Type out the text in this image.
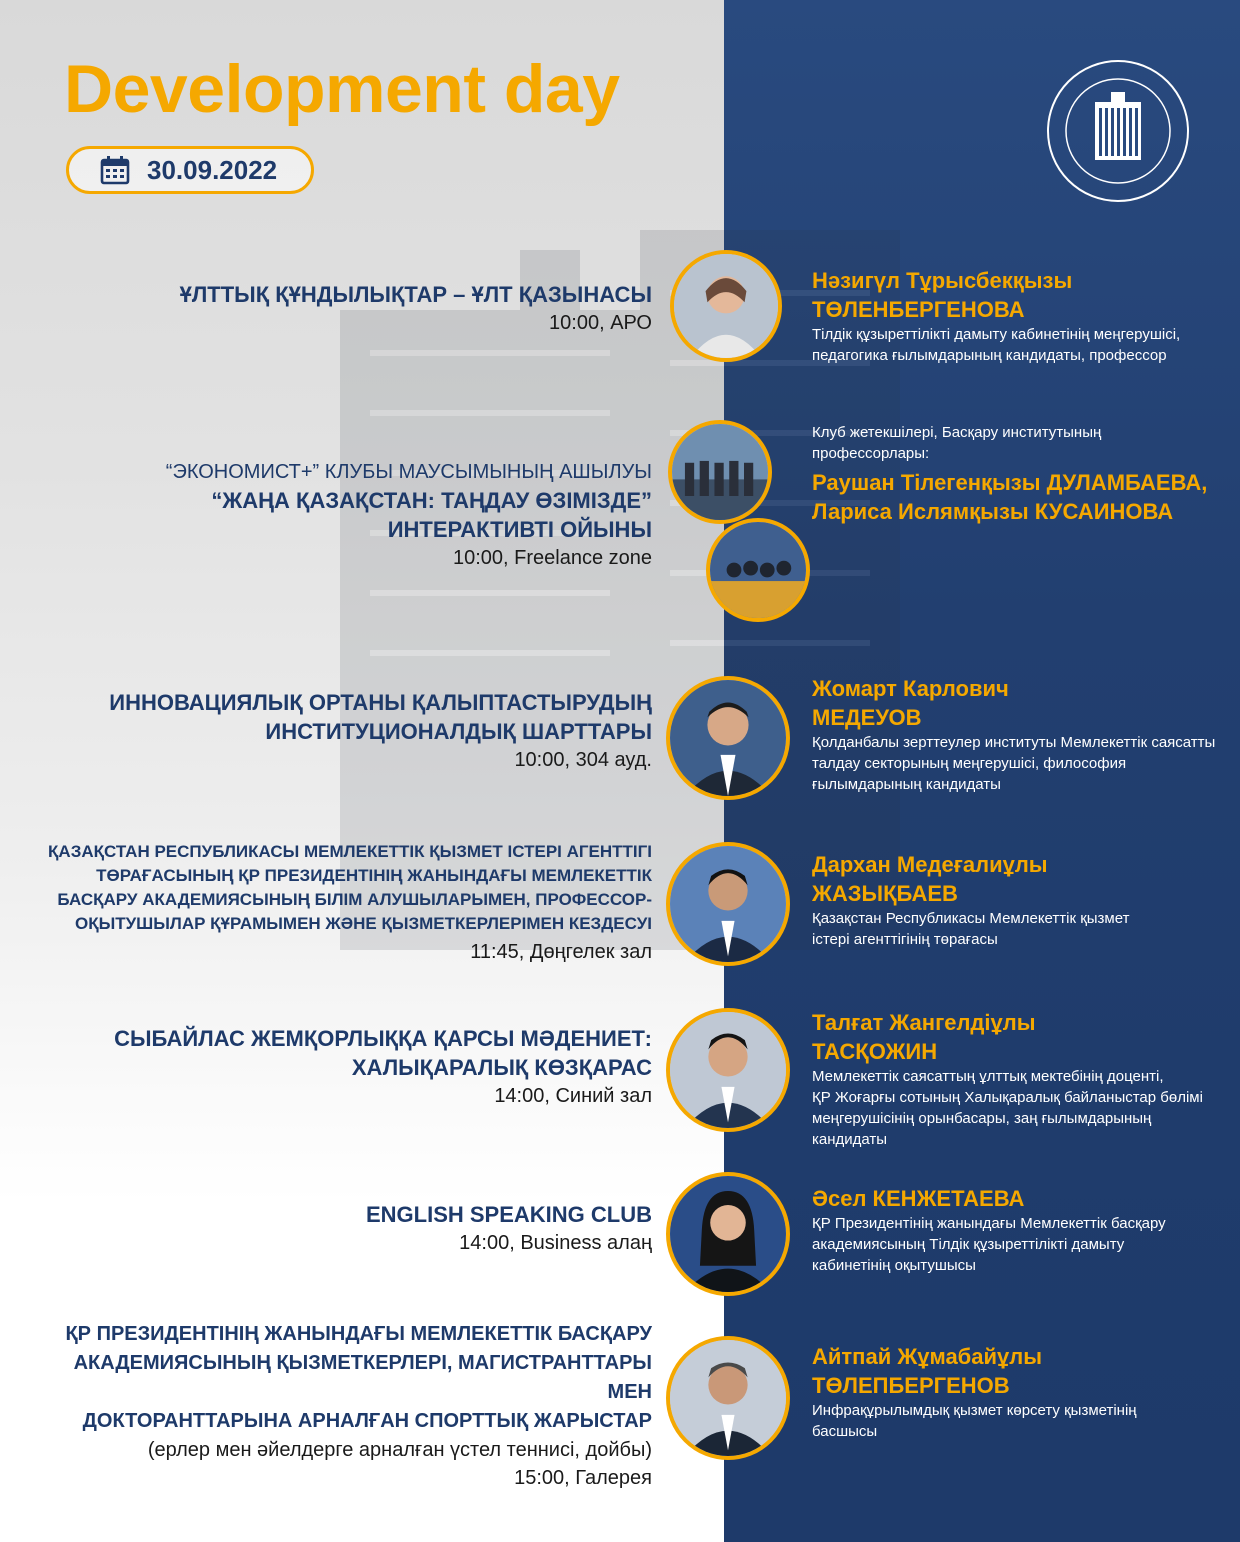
Development day
30.09.2022
ҰЛТТЫҚ ҚҰНДЫЛЫҚТАР – ҰЛТ ҚАЗЫНАСЫ
10:00, АРО
Нәзигүл Тұрысбекқызы
ТӨЛЕНБЕРГЕНОВА
Тілдік құзыреттілікті дамыту кабинетінің меңгерушісі,
педагогика ғылымдарының кандидаты, профессор
“ЭКОНОМИСТ+” КЛУБЫ МАУСЫМЫНЫҢ АШЫЛУЫ
“ЖАҢА ҚАЗАҚСТАН: ТАҢДАУ ӨЗІМІЗДЕ”
ИНТЕРАКТИВТІ ОЙЫНЫ
10:00, Freelance zone
Клуб жетекшілері, Басқару институтының профессорлары:
Раушан Тілегенқызы ДУЛАМБАЕВА,
Лариса Ислямқызы КУСАИНОВА
ИННОВАЦИЯЛЫҚ ОРТАНЫ ҚАЛЫПТАСТЫРУДЫҢ
ИНСТИТУЦИОНАЛДЫҚ ШАРТТАРЫ
10:00, 304 ауд.
Жомарт Карлович
МЕДЕУОВ
Қолданбалы зерттеулер институты Мемлекеттік саясатты
талдау секторының меңгерушісі, философия
ғылымдарының кандидаты
ҚАЗАҚСТАН РЕСПУБЛИКАСЫ МЕМЛЕКЕТТІК ҚЫЗМЕТ ІСТЕРІ АГЕНТТІГІ
ТӨРАҒАСЫНЫҢ ҚР ПРЕЗИДЕНТІНІҢ ЖАНЫНДАҒЫ МЕМЛЕКЕТТІК
БАСҚАРУ АКАДЕМИЯСЫНЫҢ БІЛІМ АЛУШЫЛАРЫМЕН, ПРОФЕССОР-
ОҚЫТУШЫЛАР ҚҰРАМЫМЕН ЖӘНЕ ҚЫЗМЕТКЕРЛЕРІМЕН КЕЗДЕСУІ
11:45, Дөңгелек зал
Дархан Медеғалиұлы
ЖАЗЫҚБАЕВ
Қазақстан Республикасы Мемлекеттік қызмет
істері агенттігінің төрағасы
СЫБАЙЛАС ЖЕМҚОРЛЫҚҚА ҚАРСЫ МӘДЕНИЕТ:
ХАЛЫҚАРАЛЫҚ КӨЗҚАРАС
14:00, Синий зал
Талғат Жангелдіұлы
ТАСҚОЖИН
Мемлекеттік саясаттың ұлттық мектебінің доценті,
ҚР Жоғарғы сотының Халықаралық байланыстар бөлімі
меңгерушісінің орынбасары, заң ғылымдарының кандидаты
ENGLISH SPEAKING CLUB
14:00, Business алаң
Әсел КЕНЖЕТАЕВА
ҚР Президентінің жанындағы Мемлекеттік басқару
академиясының Тілдік құзыреттілікті дамыту
кабинетінің оқытушысы
ҚР ПРЕЗИДЕНТІНІҢ ЖАНЫНДАҒЫ МЕМЛЕКЕТТІК БАСҚАРУ
АКАДЕМИЯСЫНЫҢ ҚЫЗМЕТКЕРЛЕРІ, МАГИСТРАНТТАРЫ МЕН
ДОКТОРАНТТАРЫНА АРНАЛҒАН СПОРТТЫҚ ЖАРЫСТАР
(ерлер мен әйелдерге арналған үстел теннисі, дойбы)
15:00, Галерея
Айтпай Жұмабайұлы
ТӨЛЕПБЕРГЕНОВ
Инфрақұрылымдық қызмет көрсету қызметінің
басшысы
